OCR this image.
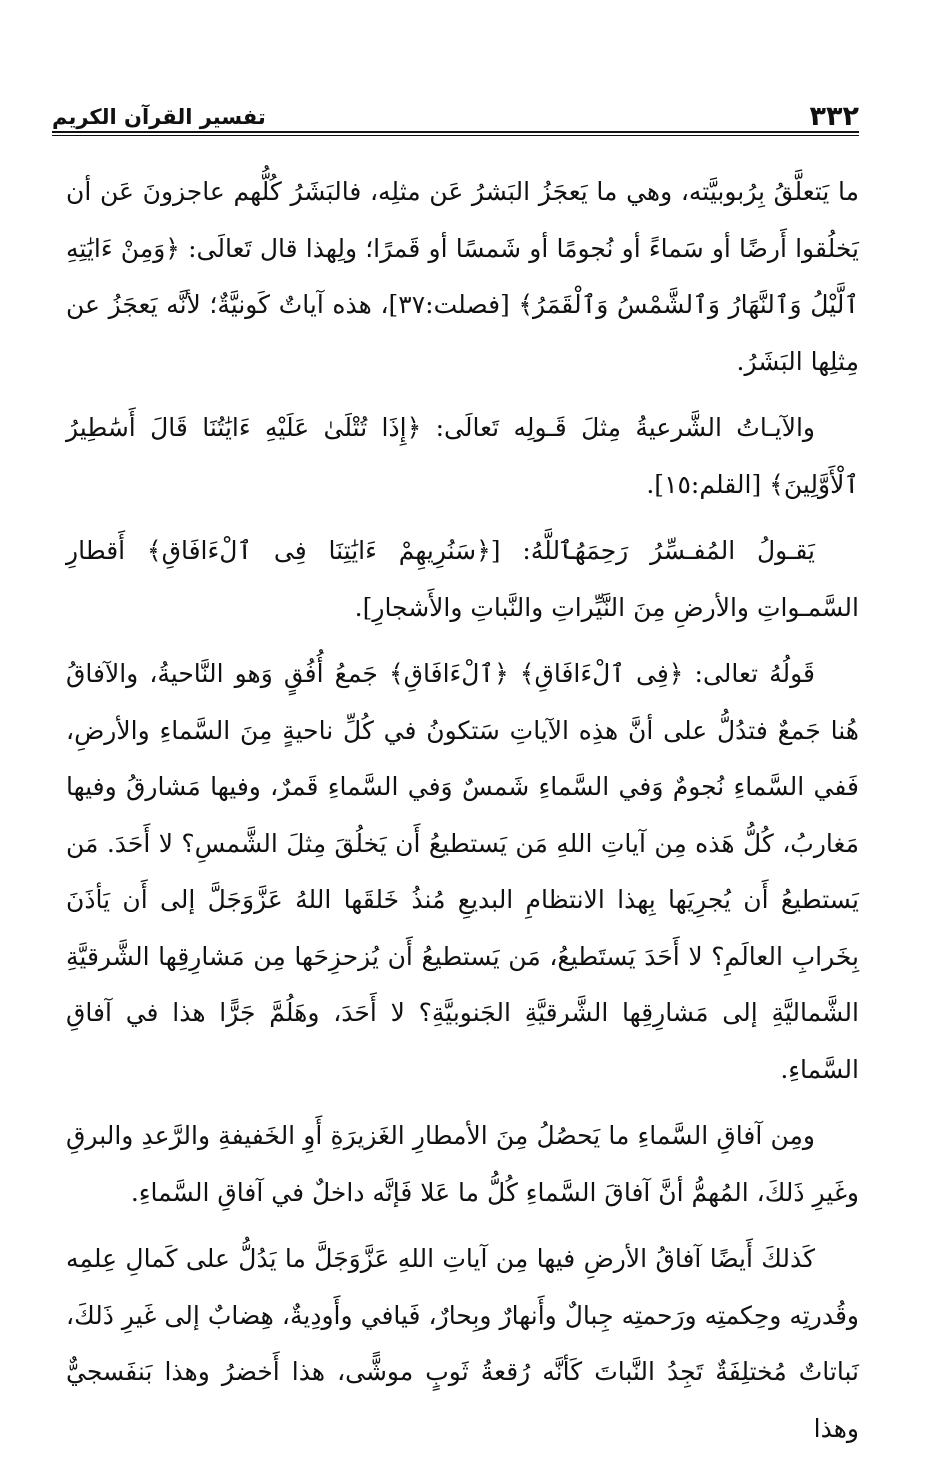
٣٣٢
تفسير القرآن الكريم

ما يَتعلَّقُ بِرُبوبيَّته، وهي ما يَعجَزُ البَشرُ عَن مثلِه، فالبَشَرُ كُلُّهم عاجزونَ عَن أن يَخلُقوا أَرضًا أو سَماءً أو نُجومًا أو شَمسًا أو قَمرًا؛ ولِهذا قال تَعالَى: ﴿وَمِنْ ءَايَٰتِهِ ٱلَّيْلُ وَٱلنَّهَارُ وَٱلشَّمْسُ وَٱلْقَمَرُ﴾ [فصلت:٣٧]، هذه آياتٌ كَونيَّةٌ؛ لأنَّه يَعجَزُ عن مِثلِها البَشَرُ.

والآيـاتُ الشَّرعيةُ مِثلَ قَـولِه تَعالَى: ﴿إِذَا تُتْلَىٰ عَلَيْهِ ءَايَٰتُنَا قَالَ أَسَٰطِيرُ ٱلْأَوَّلِينَ﴾ [القلم:١٥].

يَقـولُ المُفـسِّرُ رَحِمَهُٱللَّهُ: [﴿سَنُرِيهِمْ ءَايَٰتِنَا فِى ٱلْءَافَاقِ﴾ أَقطارِ السَّمـواتِ والأرضِ مِنَ النَّيِّراتِ والنَّباتِ والأَشجارِ].

قَولُهُ تعالى: ﴿فِى ٱلْءَافَاقِ﴾ ﴿ٱلْءَافَاقِ﴾ جَمعُ أُفُقٍ وَهو النَّاحيةُ، والآفاقُ هُنا جَمعٌ فتدُلُّ على أنَّ هذِه الآياتِ سَتكونُ في كُلِّ ناحيةٍ مِنَ السَّماءِ والأرضِ، فَفي السَّماءِ نُجومٌ وَفي السَّماءِ شَمسٌ وَفي السَّماءِ قَمرٌ، وفيها مَشارقُ وفيها مَغاربُ، كُلُّ هَذه مِن آياتِ اللهِ مَن يَستطيعُ أَن يَخلُقَ مِثلَ الشَّمسِ؟ لا أَحَدَ. مَن يَستطيعُ أَن يُجرِيَها بِهذا الانتظامِ البديعِ مُنذُ خَلقَها اللهُ عَزَّوَجَلَّ إلى أَن يَأذَنَ بِخَرابِ العالَمِ؟ لا أَحَدَ يَستَطيعُ، مَن يَستطيعُ أَن يُزحزِحَها مِن مَشارِقِها الشَّرقيَّةِ الشَّماليَّةِ إلى مَشارِقِها الشَّرقيَّةِ الجَنوبيَّةِ؟ لا أَحَدَ، وهَلُمَّ جَرًّا هذا في آفاقِ السَّماءِ.

ومِن آفاقِ السَّماءِ ما يَحصُلُ مِنَ الأمطارِ الغَزيرَةِ أَوِ الخَفيفةِ والرَّعدِ والبرقِ وغَيرِ ذَلكَ، المُهمُّ أنَّ آفاقَ السَّماءِ كُلُّ ما عَلا فَإنَّه داخلٌ في آفاقِ السَّماءِ.

كَذلكَ أَيضًا آفاقُ الأرضِ فيها مِن آياتِ اللهِ عَزَّوَجَلَّ ما يَدُلُّ على كَمالِ عِلمِه وقُدرتِه وحِكمتِه ورَحمتِه جِبالٌ وأَنهارٌ وبِحارٌ، فَيافي وأَودِيةٌ، هِضابٌ إلى غَيرِ ذَلكَ، نَباتاتٌ مُختلِفَةٌ تَجِدُ النَّباتَ كَأنَّه رُقعةُ ثَوبٍ موشًّى، هذا أَخضرُ وهذا بَنفَسجيٌّ وهذا
